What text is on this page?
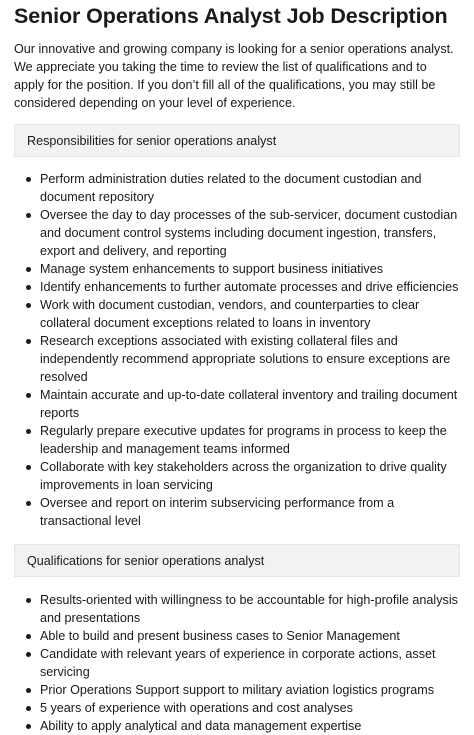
Senior Operations Analyst Job Description

Our innovative and growing company is looking for a senior operations analyst. We appreciate you taking the time to review the list of qualifications and to apply for the position. If you don’t fill all of the qualifications, you may still be considered depending on your level of experience.

Responsibilities for senior operations analyst
Perform administration duties related to the document custodian and document repository
Oversee the day to day processes of the sub-servicer, document custodian and document control systems including document ingestion, transfers, export and delivery, and reporting
Manage system enhancements to support business initiatives
Identify enhancements to further automate processes and drive efficiencies
Work with document custodian, vendors, and counterparties to clear collateral document exceptions related to loans in inventory
Research exceptions associated with existing collateral files and independently recommend appropriate solutions to ensure exceptions are resolved
Maintain accurate and up-to-date collateral inventory and trailing document reports
Regularly prepare executive updates for programs in process to keep the leadership and management teams informed
Collaborate with key stakeholders across the organization to drive quality improvements in loan servicing
Oversee and report on interim subservicing performance from a transactional level
Qualifications for senior operations analyst
Results-oriented with willingness to be accountable for high-profile analysis and presentations
Able to build and present business cases to Senior Management
Candidate with relevant years of experience in corporate actions, asset servicing
Prior Operations Support support to military aviation logistics programs
5 years of experience with operations and cost analyses
Ability to apply analytical and data management expertise
